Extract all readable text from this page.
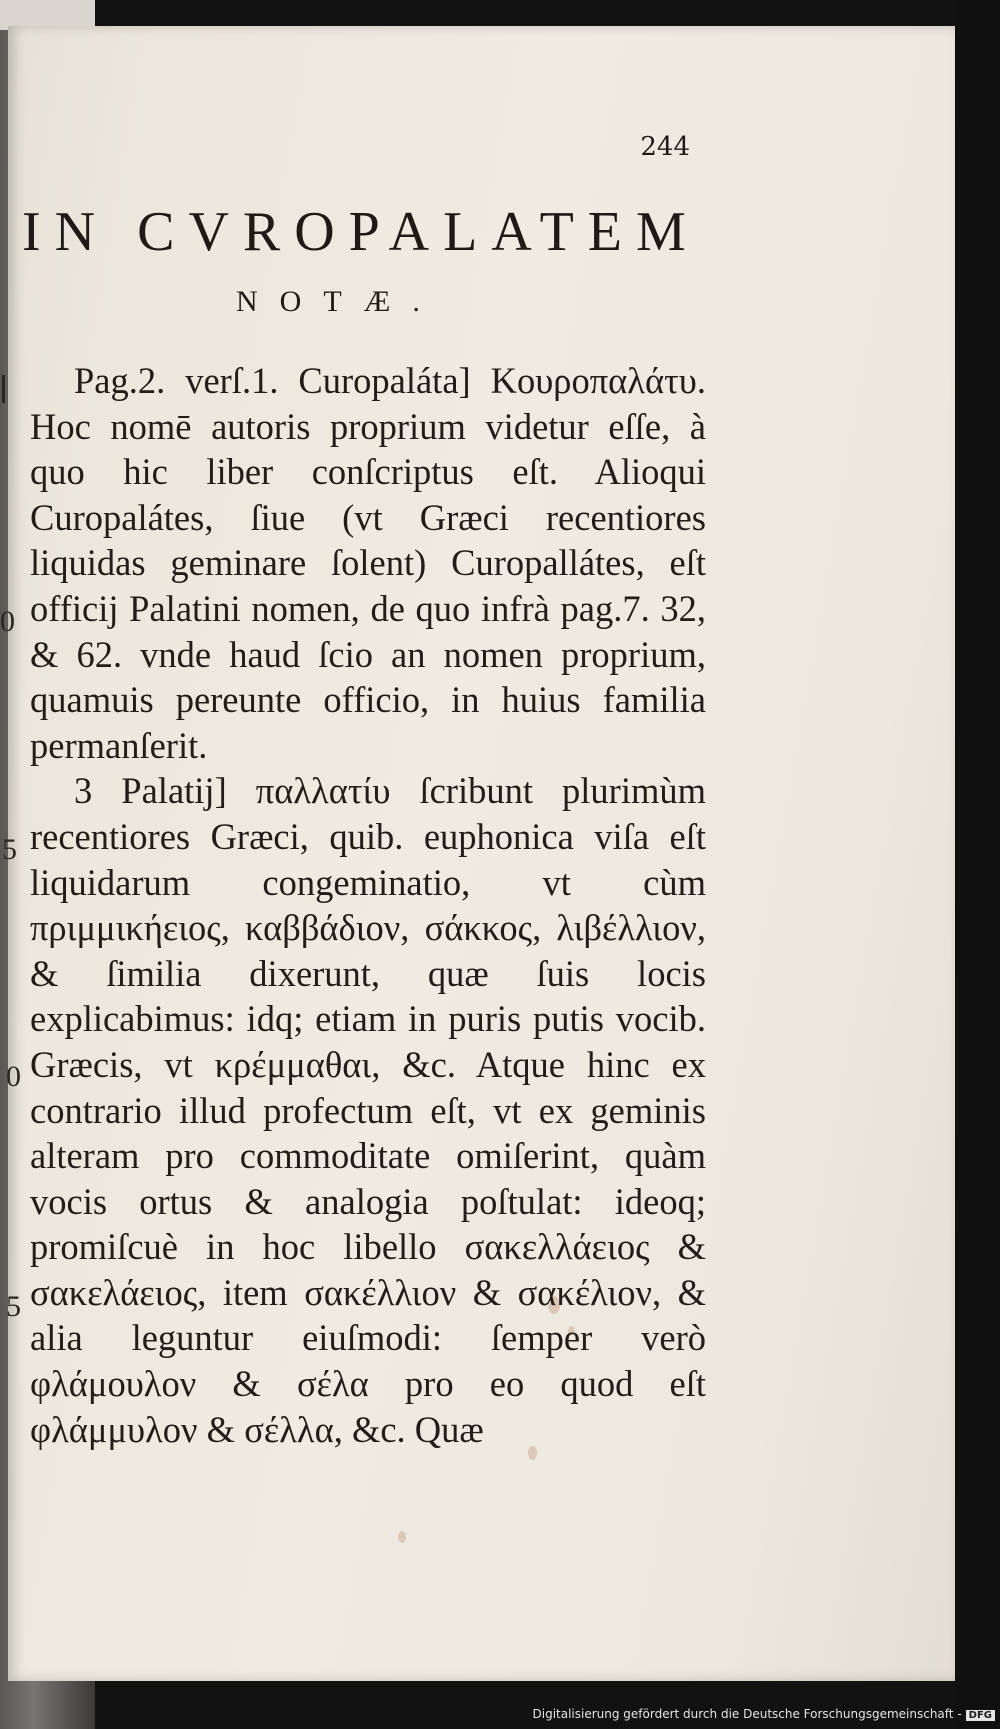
244
IN CVROPALATEM
NOTÆ.

Pag.2. verſ.1. Curopaláta] Κουροπαλάτυ. Hoc nomē autoris proprium videtur eſſe, à quo hic liber conſcriptus eſt. Alioqui Curopalátes, ſiue (vt Græci recentiores liquidas geminare ſolent) Curopallátes, eſt officij Palatini nomen, de quo infrà pag.7. 32, & 62. vnde haud ſcio an nomen proprium, quamuis pereunte officio, in huius familia permanſerit.

3 Palatij] παλλατίυ ſcribunt plurimùm recentiores Græci, quib. euphonica viſa eſt liquidarum congeminatio, vt cùm πριμμικήειος, καββάδιον, σάκκος, λιβέλλιον, & ſimilia dixerunt, quæ ſuis locis explicabimus: idq; etiam in puris putis vocib. Græcis, vt κρέμμαθαι, &c. Atque hinc ex contrario illud profectum eſt, vt ex geminis alteram pro commoditate omiſerint, quàm vocis ortus & analogia poſtulat: ideoq; promiſcuè in hoc libello σακελλάειος & σακελάειος, item σακέλλιον & σακέλιον, & alia leguntur eiuſmodi: ſemper verò φλάμουλον & σέλα pro eo quod eſt φλάμμυλον & σέλλα, &c. Quæ

0
5
0
5
Digitalisierung gefördert durch die Deutsche Forschungsgemeinschaft - DFG
